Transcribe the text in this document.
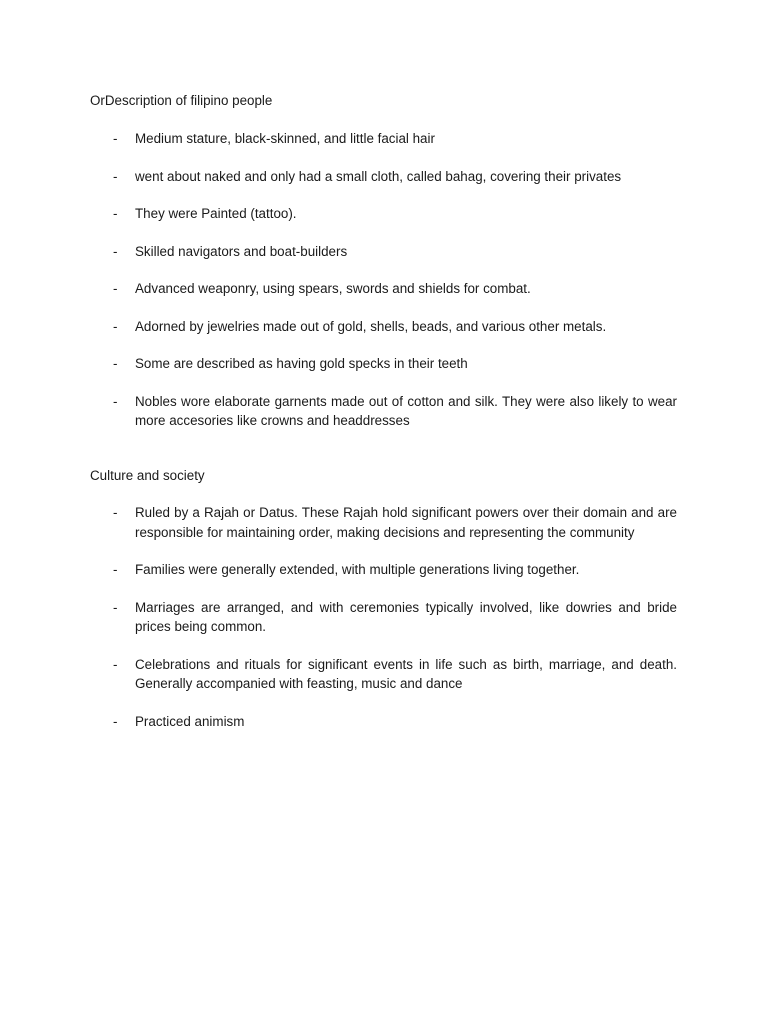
OrDescription of filipino people
- Medium stature, black-skinned, and little facial hair
- went about naked and only had a small cloth, called bahag, covering their privates
- They were Painted (tattoo).
- Skilled navigators and boat-builders
- Advanced weaponry, using spears, swords and shields for combat.
- Adorned by jewelries made out of gold, shells, beads, and various other metals.
- Some are described as having gold specks in their teeth
- Nobles wore elaborate garnents made out of cotton and silk. They were also likely to wear more accesories like crowns and headdresses
Culture and society
- Ruled by a Rajah or Datus. These Rajah hold significant powers over their domain and are responsible for maintaining order, making decisions and representing the community
- Families were generally extended, with multiple generations living together.
- Marriages are arranged, and with ceremonies typically involved, like dowries and bride prices being common.
- Celebrations and rituals for significant events in life such as birth, marriage, and death. Generally accompanied with feasting, music and dance
- Practiced animism
